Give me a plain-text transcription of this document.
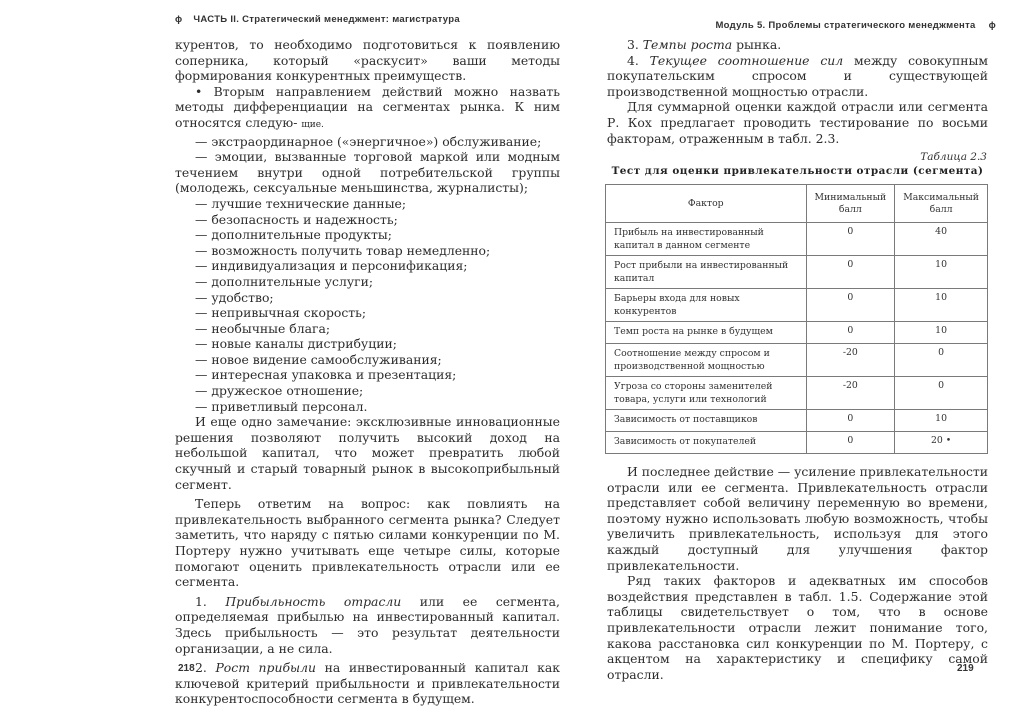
ϕ ЧАСТЬ II. Стратегический менеджмент: магистратура

курентов, то необходимо подготовиться к появлению соперника, который «раскусит» ваши методы формирования конкурентных преимуществ.

• Вторым направлением действий можно назвать методы дифференциации на сегментах рынка. К ним относятся следую- щие.

— экстраординарное («энергичное») обслуживание;

— эмоции, вызванные торговой маркой или модным течением внутри одной потребительской группы (молодежь, сексуальные меньшинства, журналисты);

— лучшие технические данные;

— безопасность и надежность;

— дополнительные продукты;

— возможность получить товар немедленно;

— индивидуализация и персонификация;

— дополнительные услуги;

— удобство;

— непривычная скорость;

— необычные блага;

— новые каналы дистрибуции;

— новое видение самообслуживания;

— интересная упаковка и презентация;

— дружеское отношение;

— приветливый персонал.

И еще одно замечание: эксклюзивные инновационные решения позволяют получить высокий доход на небольшой капитал, что может превратить любой скучный и старый товарный рынок в высокоприбыльный сегмент.

Теперь ответим на вопрос: как повлиять на привлекательность выбранного сегмента рынка? Следует заметить, что наряду с пятью силами конкуренции по М. Портеру нужно учитывать еще четыре силы, которые помогают оценить привлекательность отрасли или ее сегмента.

1. Прибыльность отрасли или ее сегмента, определяемая прибылью на инвестированный капитал. Здесь прибыльность — это результат деятельности организации, а не сила.

2. Рост прибыли на инвестированный капитал как ключевой критерий прибыльности и привлекательности конкурентоспособности сегмента в будущем.

218
Модуль 5. Проблемы стратегического менеджмента ϕ

3. Темпы роста рынка.

4. Текущее соотношение сил между совокупным покупательским спросом и существующей производственной мощностью отрасли.

Для суммарной оценки каждой отрасли или сегмента Р. Кох предлагает проводить тестирование по восьми факторам, отраженным в табл. 2.3.

Таблица 2.3
Тест для оценки привлекательности отрасли (сегмента)
Фактор	Минимальный балл	Максимальный балл
Прибыль на инвестированный капитал в данном сегменте	0	40
Рост прибыли на инвестированный капитал	0	10
Барьеры входа для новых конкурентов	0	10
Темп роста на рынке в будущем	0	10
Соотношение между спросом и производственной мощностью	-20	0
Угроза со стороны заменителей товара, услуги или технологий	-20	0
Зависимость от поставщиков	0	10
Зависимость от покупателей	0	20 •

И последнее действие — усиление привлекательности отрасли или ее сегмента. Привлекательность отрасли представляет собой величину переменную во времени, поэтому нужно использовать любую возможность, чтобы увеличить привлекательность, используя для этого каждый доступный для улучшения фактор привлекательности.

Ряд таких факторов и адекватных им способов воздействия представлен в табл. 1.5. Содержание этой таблицы свидетельствует о том, что в основе привлекательности отрасли лежит понимание того, какова расстановка сил конкуренции по М. Портеру, с акцентом на характеристику и специфику самой отрасли.	219
